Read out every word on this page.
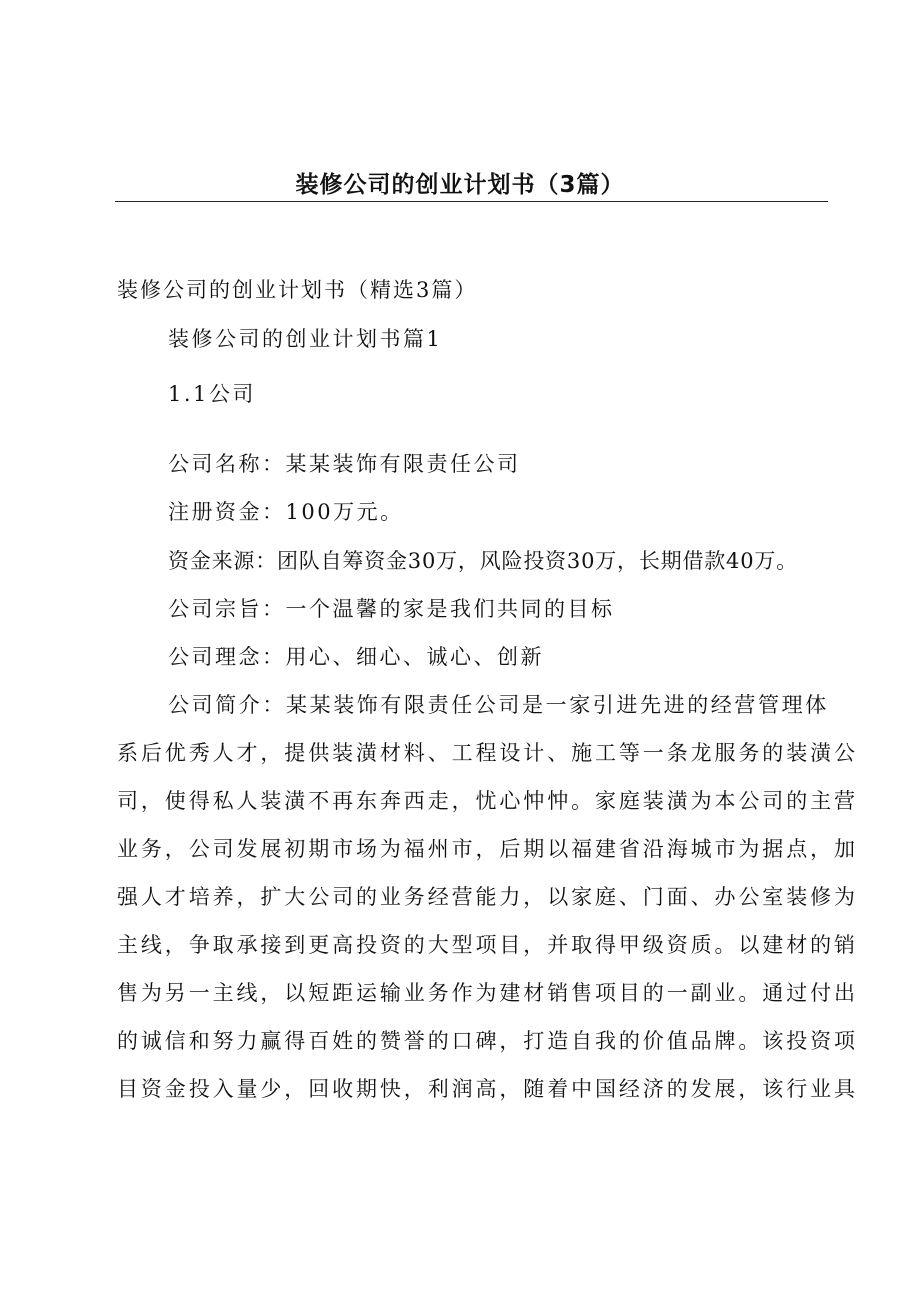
装修公司的创业计划书（3篇）
装修公司的创业计划书（精选3篇）
装修公司的创业计划书篇1
1.1公司
公司名称：某某装饰有限责任公司
注册资金：100万元。
资金来源：团队自筹资金30万，风险投资30万，长期借款40万。
公司宗旨：一个温馨的家是我们共同的目标
公司理念：用心、细心、诚心、创新
公司简介：某某装饰有限责任公司是一家引进先进的经营管理体
系后优秀人才，提供装潢材料、工程设计、施工等一条龙服务的装潢公
司，使得私人装潢不再东奔西走，忧心忡忡。家庭装潢为本公司的主营
业务，公司发展初期市场为福州市，后期以福建省沿海城市为据点，加
强人才培养，扩大公司的业务经营能力，以家庭、门面、办公室装修为
主线，争取承接到更高投资的大型项目，并取得甲级资质。以建材的销
售为另一主线，以短距运输业务作为建材销售项目的一副业。通过付出
的诚信和努力赢得百姓的赞誉的口碑，打造自我的价值品牌。该投资项
目资金投入量少，回收期快，利润高，随着中国经济的发展，该行业具
